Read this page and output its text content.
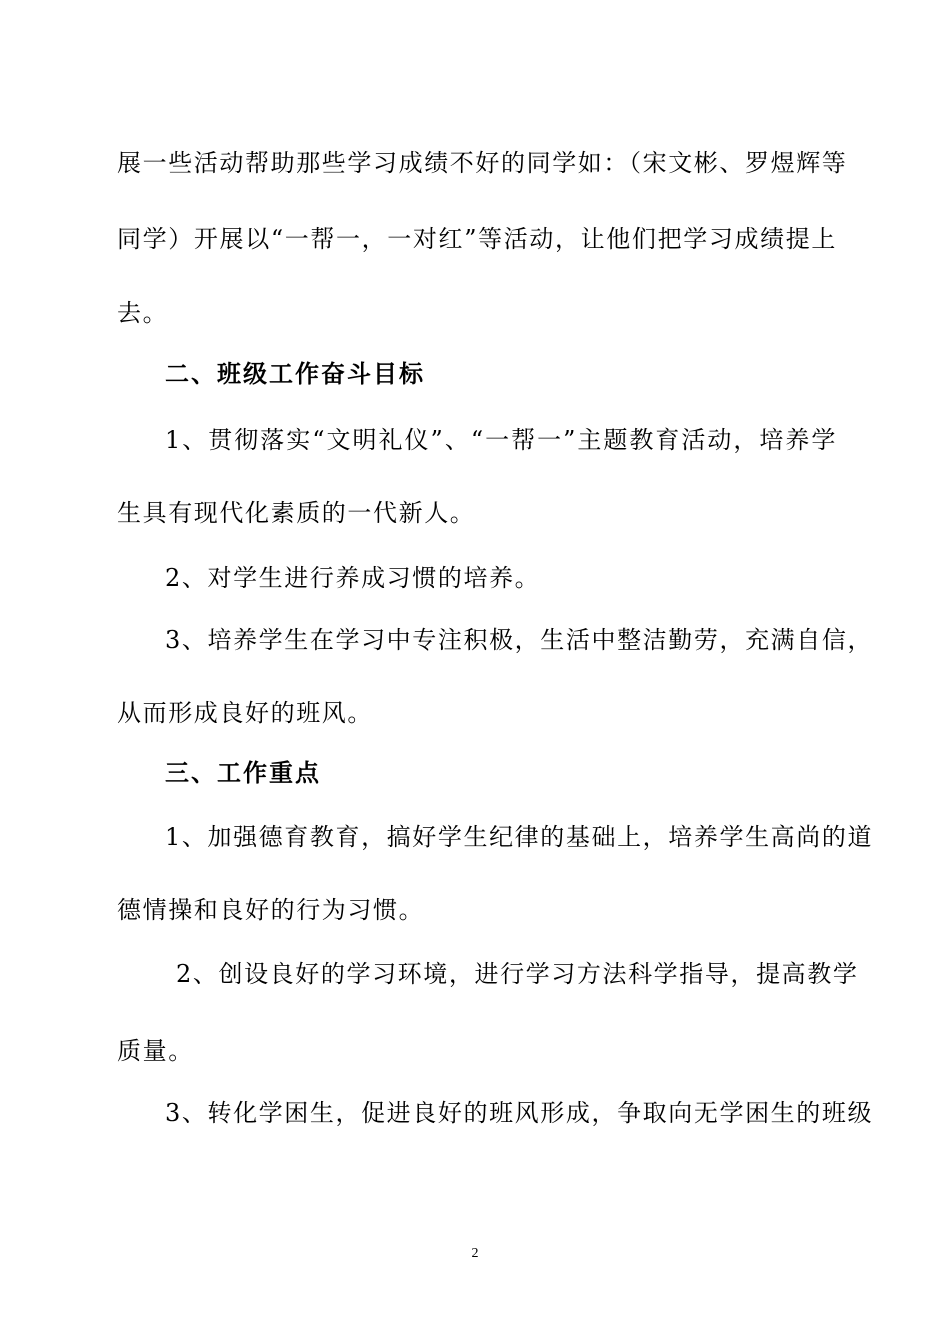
展一些活动帮助那些学习成绩不好的同学如：（宋文彬、罗煜辉等
同学）开展以“一帮一，一对红”等活动，让他们把学习成绩提上
去。
二、班级工作奋斗目标
1、贯彻落实“文明礼仪”、“一帮一”主题教育活动，培养学
生具有现代化素质的一代新人。
2、对学生进行养成习惯的培养。
3、培养学生在学习中专注积极，生活中整洁勤劳，充满自信，
从而形成良好的班风。
三、工作重点
1、加强德育教育，搞好学生纪律的基础上，培养学生高尚的道
德情操和良好的行为习惯。
2、创设良好的学习环境，进行学习方法科学指导，提高教学
质量。
3、转化学困生，促进良好的班风形成，争取向无学困生的班级
2
